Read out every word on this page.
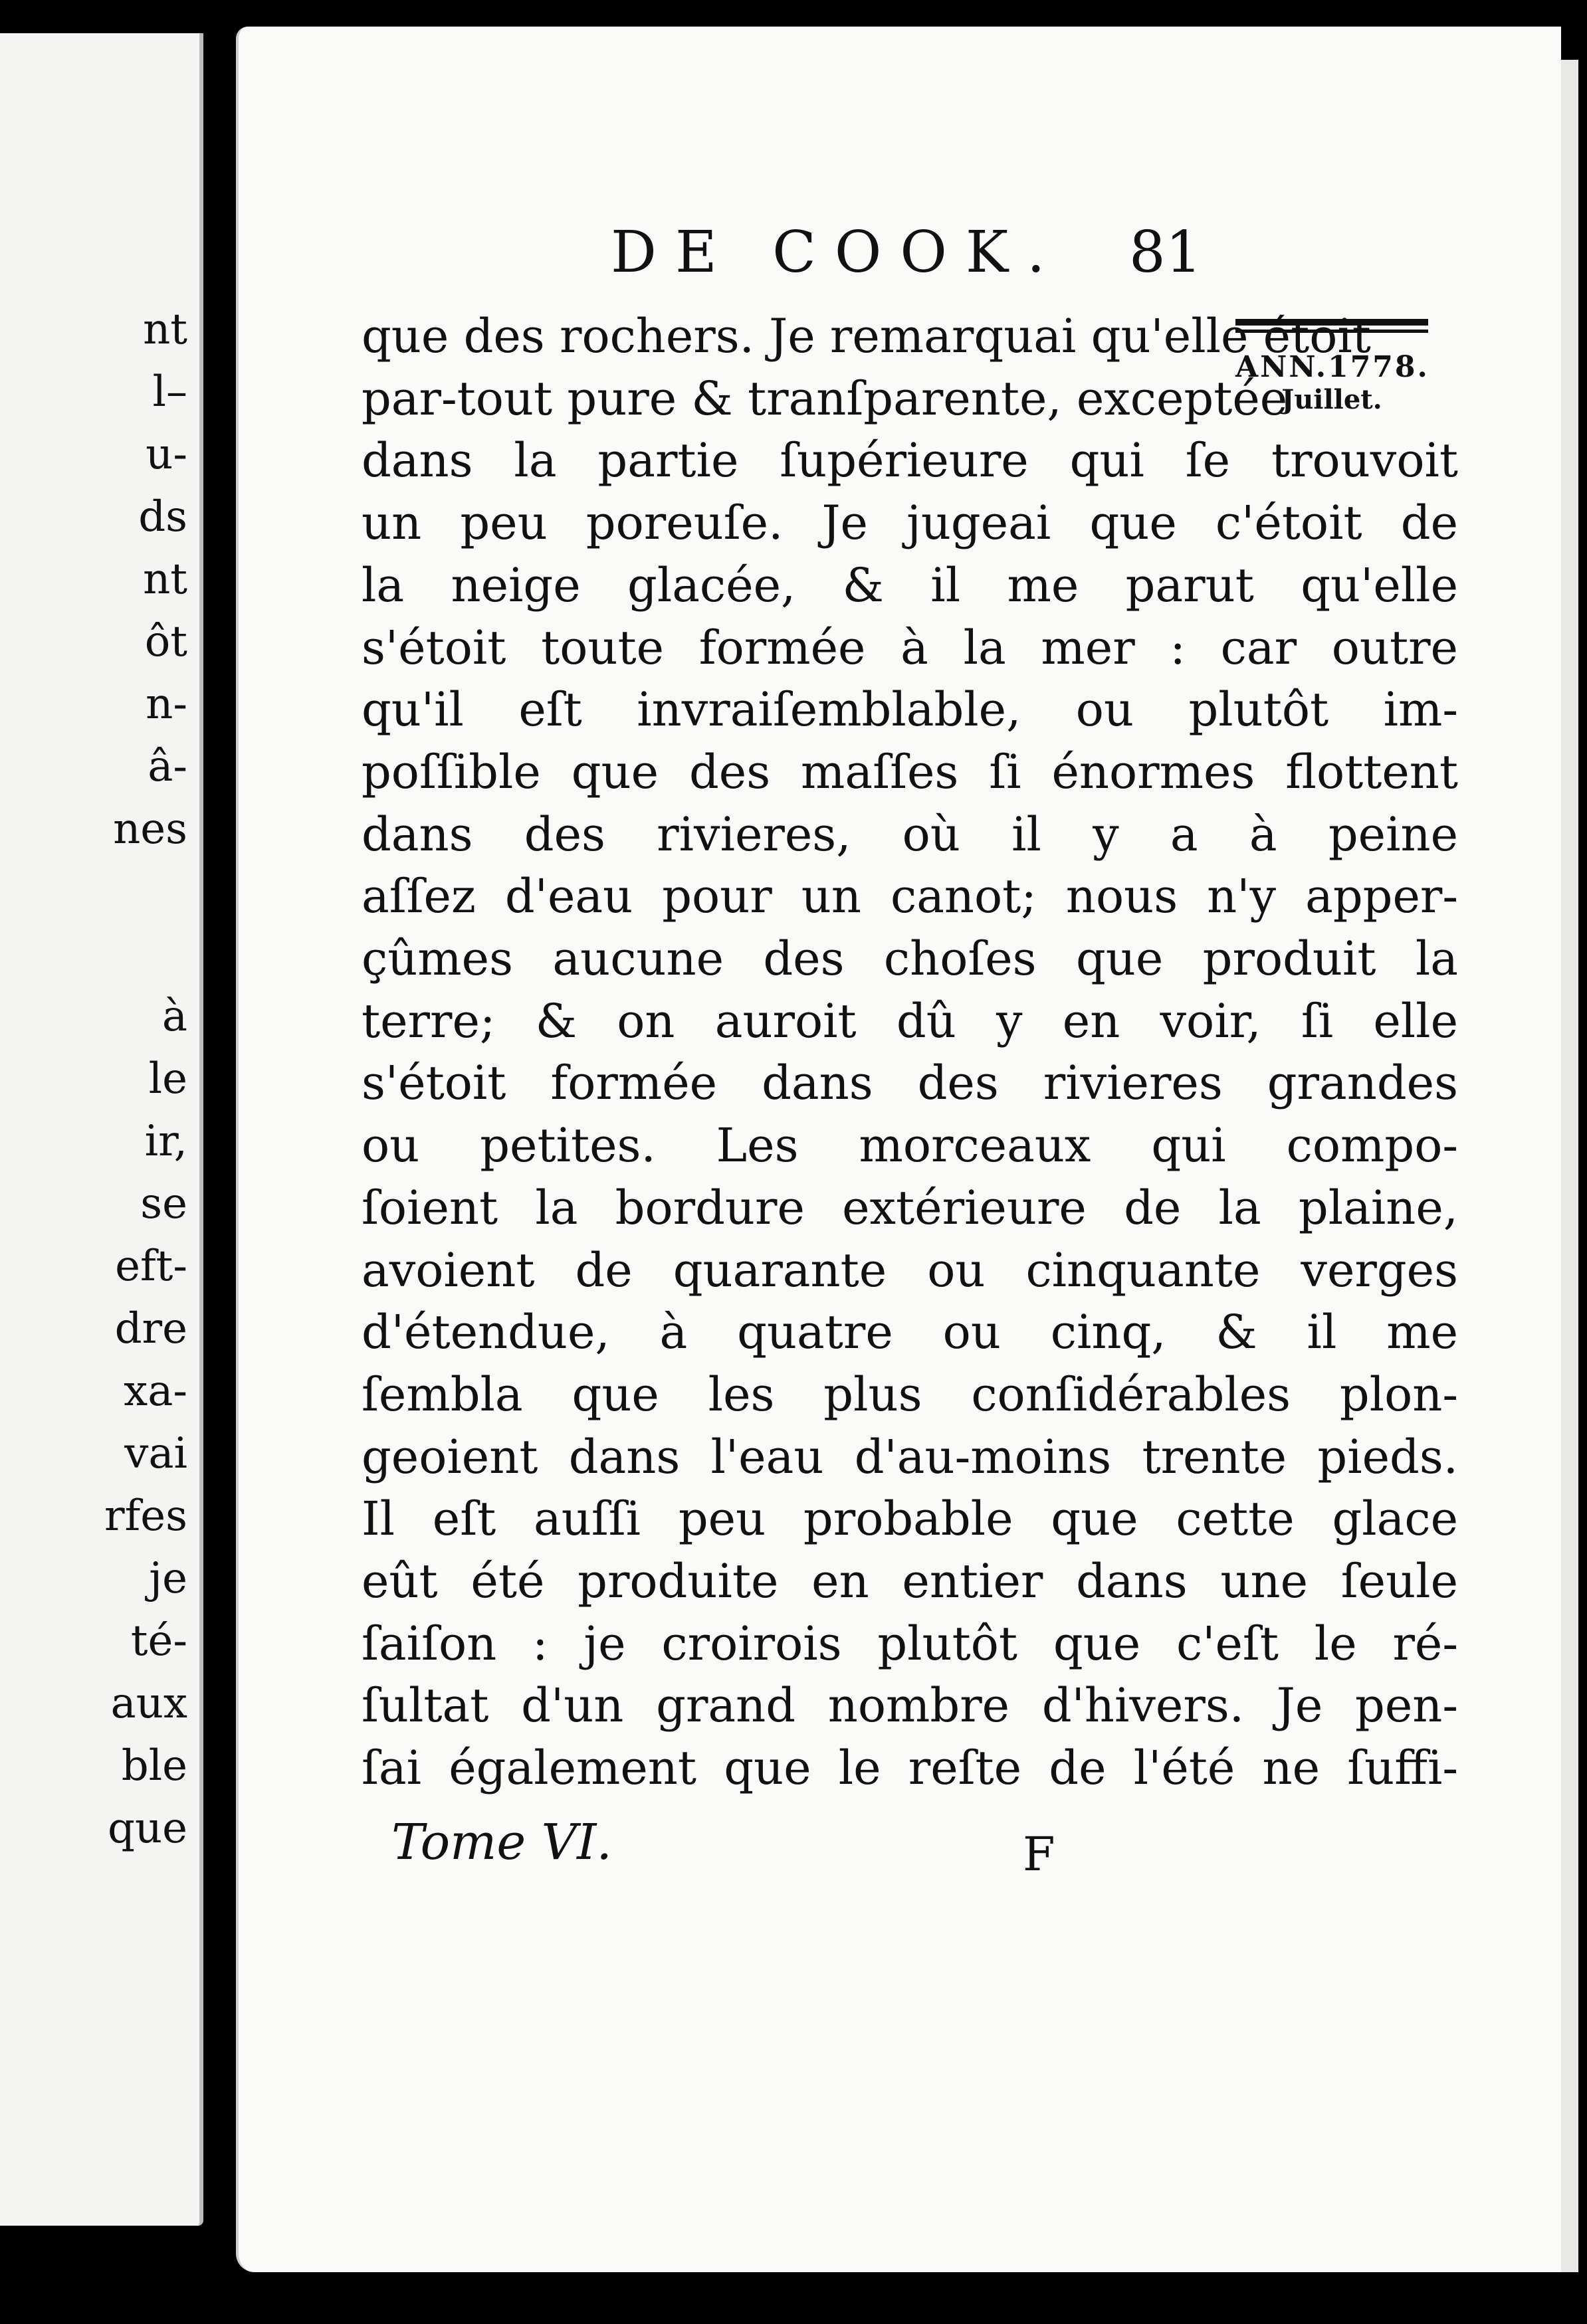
nt
l–
u-
ds
nt
ôt
n-
â-
nes
à
le
ir,
se
eft-
dre
xa-
vai
rfes
je
té-
aux
ble
que
DE COOK. 81
ANN.1778.
Juillet.
que des rochers. Je remarquai qu'elle étoit
par-tout pure & tranſparente, exceptée
dans la partie ſupérieure qui ſe trouvoit
un peu poreuſe. Je jugeai que c'étoit de
la neige glacée, & il me parut qu'elle
s'étoit toute formée à la mer : car outre
qu'il eſt invraiſemblable, ou plutôt im-
poſſible que des maſſes ſi énormes flottent
dans des rivieres, où il y a à peine
aſſez d'eau pour un canot; nous n'y apper-
çûmes aucune des choſes que produit la
terre; & on auroit dû y en voir, ſi elle
s'étoit formée dans des rivieres grandes
ou petites. Les morceaux qui compo-
ſoient la bordure extérieure de la plaine,
avoient de quarante ou cinquante verges
d'étendue, à quatre ou cinq, & il me
ſembla que les plus conſidérables plon-
geoient dans l'eau d'au-moins trente pieds.
Il eſt auſſi peu probable que cette glace
eût été produite en entier dans une ſeule
ſaiſon : je croirois plutôt que c'eſt le ré-
ſultat d'un grand nombre d'hivers. Je pen-
ſai également que le reſte de l'été ne ſuffi-
Tome VI.	F
